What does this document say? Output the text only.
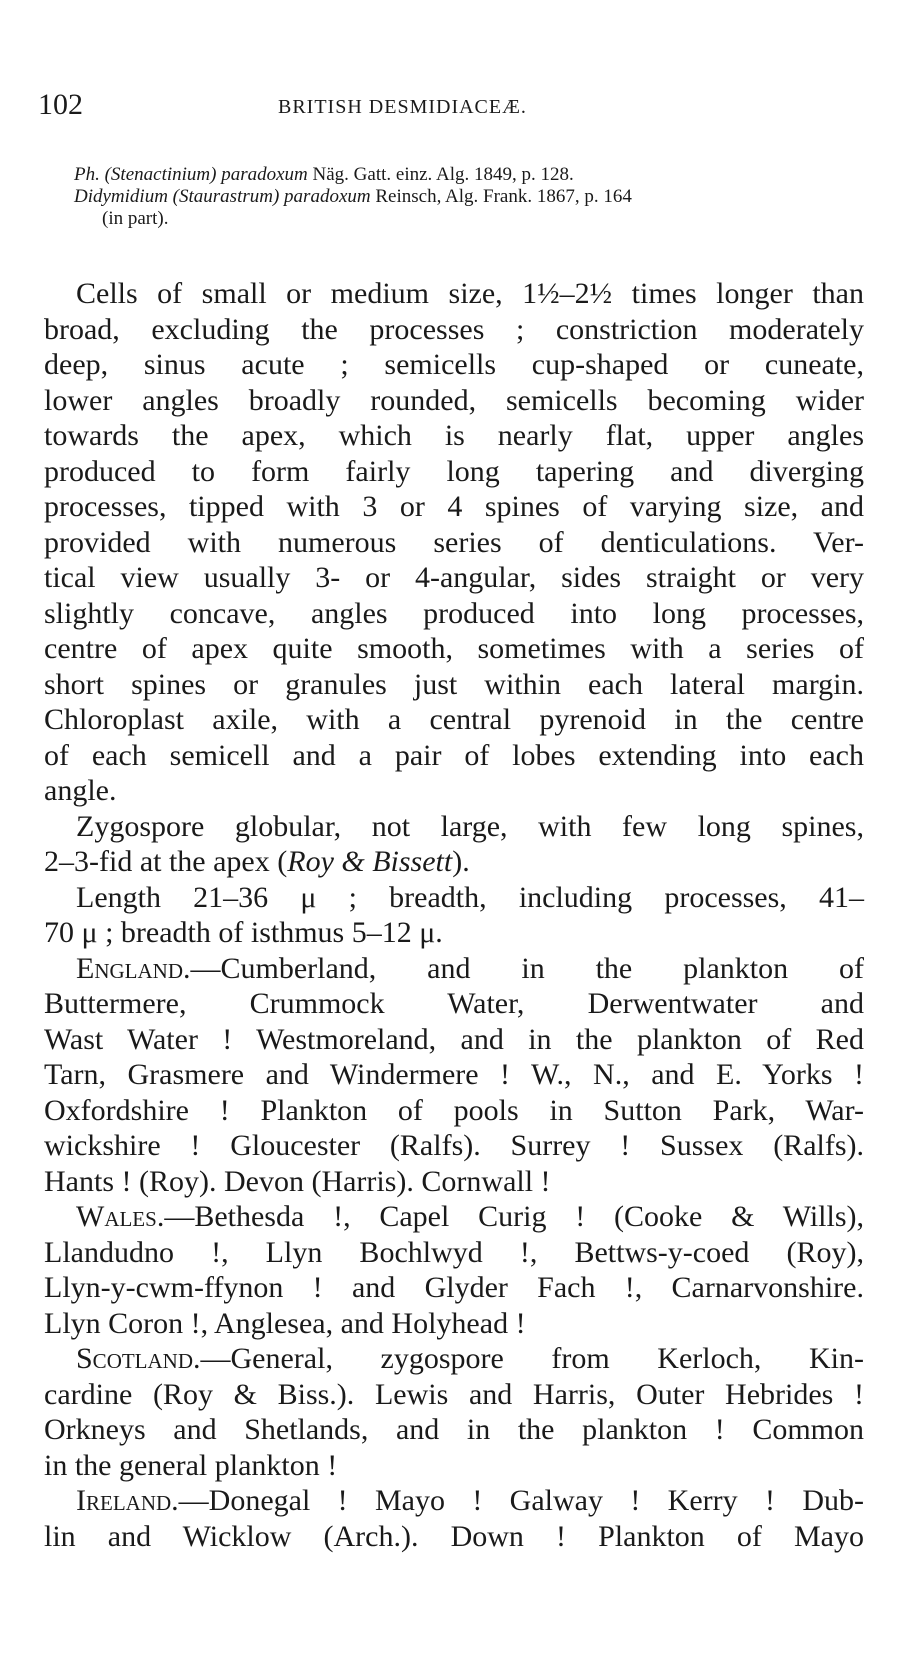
102	BRITISH DESMIDIACEÆ.
Ph. (Stenactinium) paradoxum Näg. Gatt. einz. Alg. 1849, p. 128.
Didymidium (Staurastrum) paradoxum Reinsch, Alg. Frank. 1867, p. 164
(in part).
Cells of small or medium size, 1½–2½ times longer than
broad, excluding the processes ; constriction moderately
deep, sinus acute ; semicells cup-shaped or cuneate,
lower angles broadly rounded, semicells becoming wider
towards the apex, which is nearly flat, upper angles
produced to form fairly long tapering and diverging
processes, tipped with 3 or 4 spines of varying size, and
provided with numerous series of denticulations. Ver-
tical view usually 3- or 4-angular, sides straight or very
slightly concave, angles produced into long processes,
centre of apex quite smooth, sometimes with a series of
short spines or granules just within each lateral margin.
Chloroplast axile, with a central pyrenoid in the centre
of each semicell and a pair of lobes extending into each
angle.
Zygospore globular, not large, with few long spines,
2–3-fid at the apex (Roy & Bissett).
Length 21–36 μ ; breadth, including processes, 41–
70 μ ; breadth of isthmus 5–12 μ.
England.—Cumberland, and in the plankton of
Buttermere, Crummock Water, Derwentwater and
Wast Water ! Westmoreland, and in the plankton of Red
Tarn, Grasmere and Windermere ! W., N., and E. Yorks !
Oxfordshire ! Plankton of pools in Sutton Park, War-
wickshire ! Gloucester (Ralfs). Surrey ! Sussex (Ralfs).
Hants ! (Roy). Devon (Harris). Cornwall !
Wales.—Bethesda !, Capel Curig ! (Cooke & Wills),
Llandudno !, Llyn Bochlwyd !, Bettws-y-coed (Roy),
Llyn-y-cwm-ffynon ! and Glyder Fach !, Carnarvonshire.
Llyn Coron !, Anglesea, and Holyhead !
Scotland.—General, zygospore from Kerloch, Kin-
cardine (Roy & Biss.). Lewis and Harris, Outer Hebrides !
Orkneys and Shetlands, and in the plankton ! Common
in the general plankton !
Ireland.—Donegal ! Mayo ! Galway ! Kerry ! Dub-
lin and Wicklow (Arch.). Down ! Plankton of Mayo
